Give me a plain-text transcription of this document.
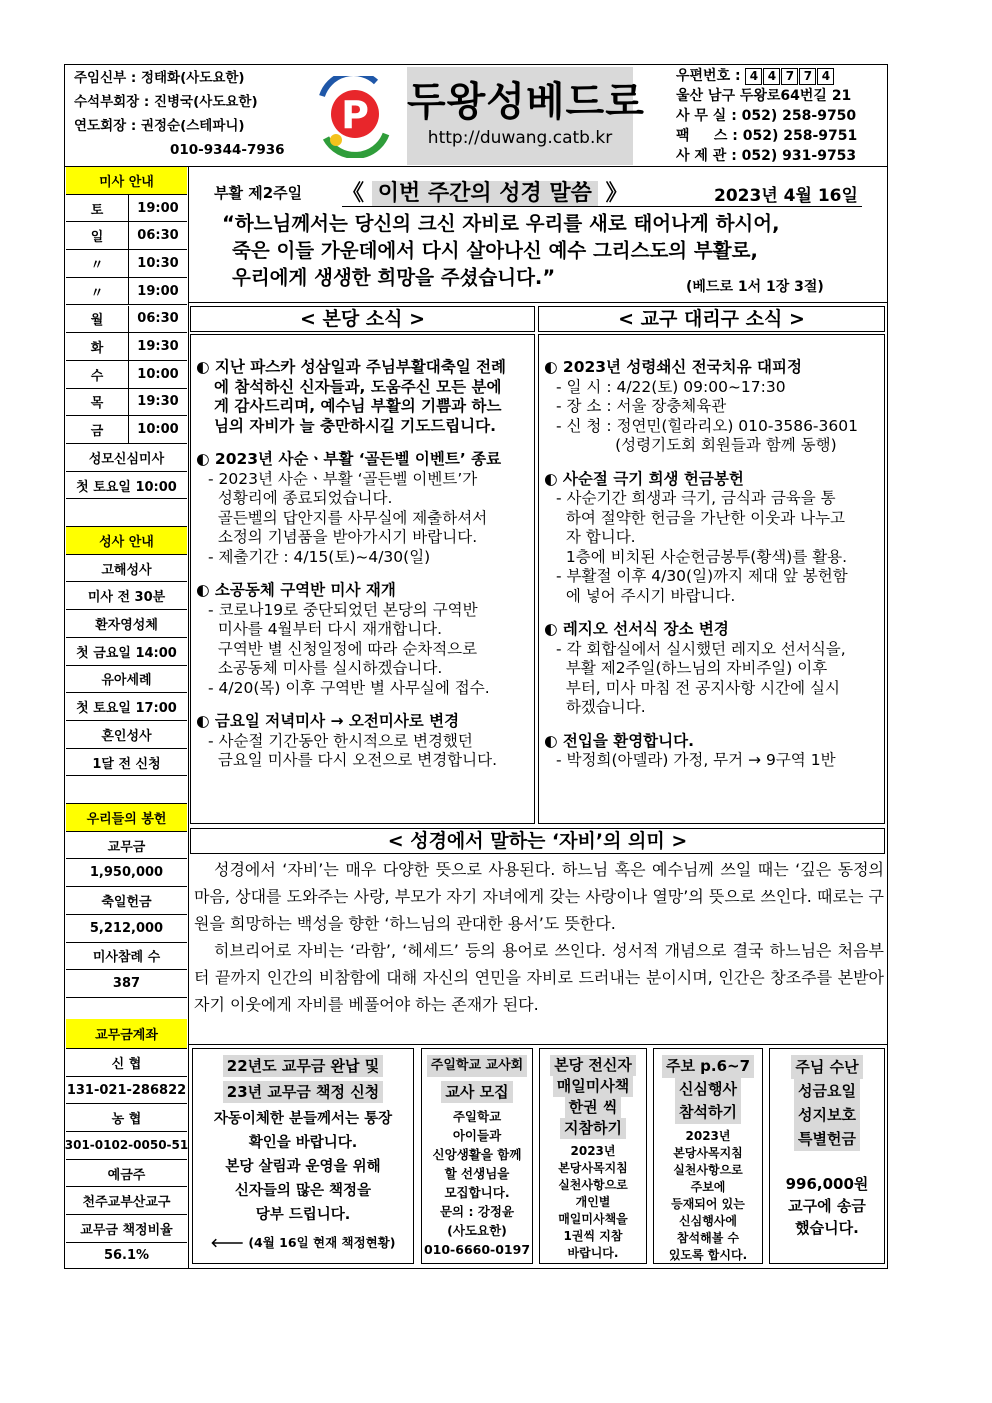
주임신부 : 정태화(사도요한)
수석부회장 : 진병국(사도요한)
연도회장 : 권정순(스테파니)
010-9344-7936
P 두왕성베드로
http://duwang.catb.kr
우편번호 : 4 4 7 7 4
울산 남구 두왕로64번길 21
사 무 실 : 052) 258-9750
팩     스 : 052) 258-9751
사 제 관 : 052) 931-9753
미사 안내
토	19:00
일	06:30
〃	10:30
〃	19:00
월	06:30
화	19:30
수	10:00
목	19:30
금	10:00
성모신심미사
첫 토요일 10:00
성사 안내
고해성사
미사 전 30분
환자영성체
첫 금요일 14:00
유아세례
첫 토요일 17:00
혼인성사
1달 전 신청
우리들의 봉헌
교무금
1,950,000
축일헌금
5,212,000
미사참례 수
387
교무금계좌
신 협
131-021-286822
농 협
301-0102-0050-51
예금주
천주교부산교구
교무금 책정비율
56.1%
부활 제2주일 《 이번 주간의 성경 말씀 》	2023년 4월 16일
“하느님께서는 당신의 크신 자비로 우리를 새로 태어나게 하시어,
죽은 이들 가운데에서 다시 살아나신 예수 그리스도의 부활로,
우리에게 생생한 희망을 주셨습니다.”	(베드로 1서 1장 3절)
< 본당 소식 >	< 교구 대리구 소식 >
◐ 지난 파스카 성삼일과 주님부활대축일 전례
에 참석하신 신자들과, 도움주신 모든 분에
게 감사드리며, 예수님 부활의 기쁨과 하느
님의 자비가 늘 충만하시길 기도드립니다.
◐ 2023년 사순ㆍ부활 ‘골든벨 이벤트’ 종료
- 2023년 사순ㆍ부활 ‘골든벨 이벤트’가
성황리에 종료되었습니다.
골든벨의 답안지를 사무실에 제출하셔서
소정의 기념품을 받아가시기 바랍니다.
- 제출기간 : 4/15(토)~4/30(일)
◐ 소공동체 구역반 미사 재개
- 코로나19로 중단되었던 본당의 구역반
미사를 4월부터 다시 재개합니다.
구역반 별 신청일정에 따라 순차적으로
소공동체 미사를 실시하겠습니다.
- 4/20(목) 이후 구역반 별 사무실에 접수.
◐ 금요일 저녁미사 → 오전미사로 변경
- 사순절 기간동안 한시적으로 변경했던
금요일 미사를 다시 오전으로 변경합니다.
◐ 2023년 성령쇄신 전국치유 대피정
- 일 시 : 4/22(토) 09:00~17:30
- 장 소 : 서울 장충체육관
- 신 청 : 정연민(힐라리오) 010-3586-3601
(성령기도회 회원들과 함께 동행)
◐ 사순절 극기 희생 헌금봉헌
- 사순기간 희생과 극기, 금식과 금육을 통
하여 절약한 헌금을 가난한 이웃과 나누고
자 합니다.
1층에 비치된 사순헌금봉투(황색)를 활용.
- 부활절 이후 4/30(일)까지 제대 앞 봉헌함
에 넣어 주시기 바랍니다.
◐ 레지오 선서식 장소 변경
- 각 회합실에서 실시했던 레지오 선서식을,
부활 제2주일(하느님의 자비주일) 이후
부터, 미사 마침 전 공지사항 시간에 실시
하겠습니다.
◐ 전입을 환영합니다.
- 박정희(아델라) 가정, 무거 → 9구역 1반
< 성경에서 말하는 ‘자비’의 의미 >

성경에서 ‘자비’는 매우 다양한 뜻으로 사용된다. 하느님 혹은 예수님께 쓰일 때는 ‘깊은 동정의 마음, 상대를 도와주는 사랑, 부모가 자기 자녀에게 갖는 사랑이나 열망’의 뜻으로 쓰인다. 때로는 구원을 희망하는 백성을 향한 ‘하느님의 관대한 용서’도 뜻한다.

히브리어로 자비는 ‘라함’, ‘헤세드’ 등의 용어로 쓰인다. 성서적 개념으로 결국 하느님은 처음부터 끝까지 인간의 비참함에 대해 자신의 연민을 자비로 드러내는 분이시며, 인간은 창조주를 본받아 자기 이웃에게 자비를 베풀어야 하는 존재가 된다.

22년도 교무금 완납 및
23년 교무금 책정 신청
자동이체한 분들께서는 통장
확인을 바랍니다.
본당 살림과 운영을 위해
신자들의 많은 책정을
당부 드립니다.
🡐 (4월 16일 현재 책정현황)
주일학교 교사회
교사 모집
주일학교
아이들과
신앙생활을 함께
할 선생님을
모집합니다.
문의 : 강정윤
(사도요한)
010-6660-0197
본당 전신자
매일미사책
한권 씩
지참하기
2023년
본당사목지침
실천사항으로
개인별
매일미사책을
1권씩 지참
바랍니다.
주보 p.6~7
신심행사
참석하기
2023년
본당사목지침
실천사항으로
주보에
등재되어 있는
신심행사에
참석해볼 수
있도록 합시다.
주님 수난
성금요일
성지보호
특별헌금
996,000원
교구에 송금
했습니다.
